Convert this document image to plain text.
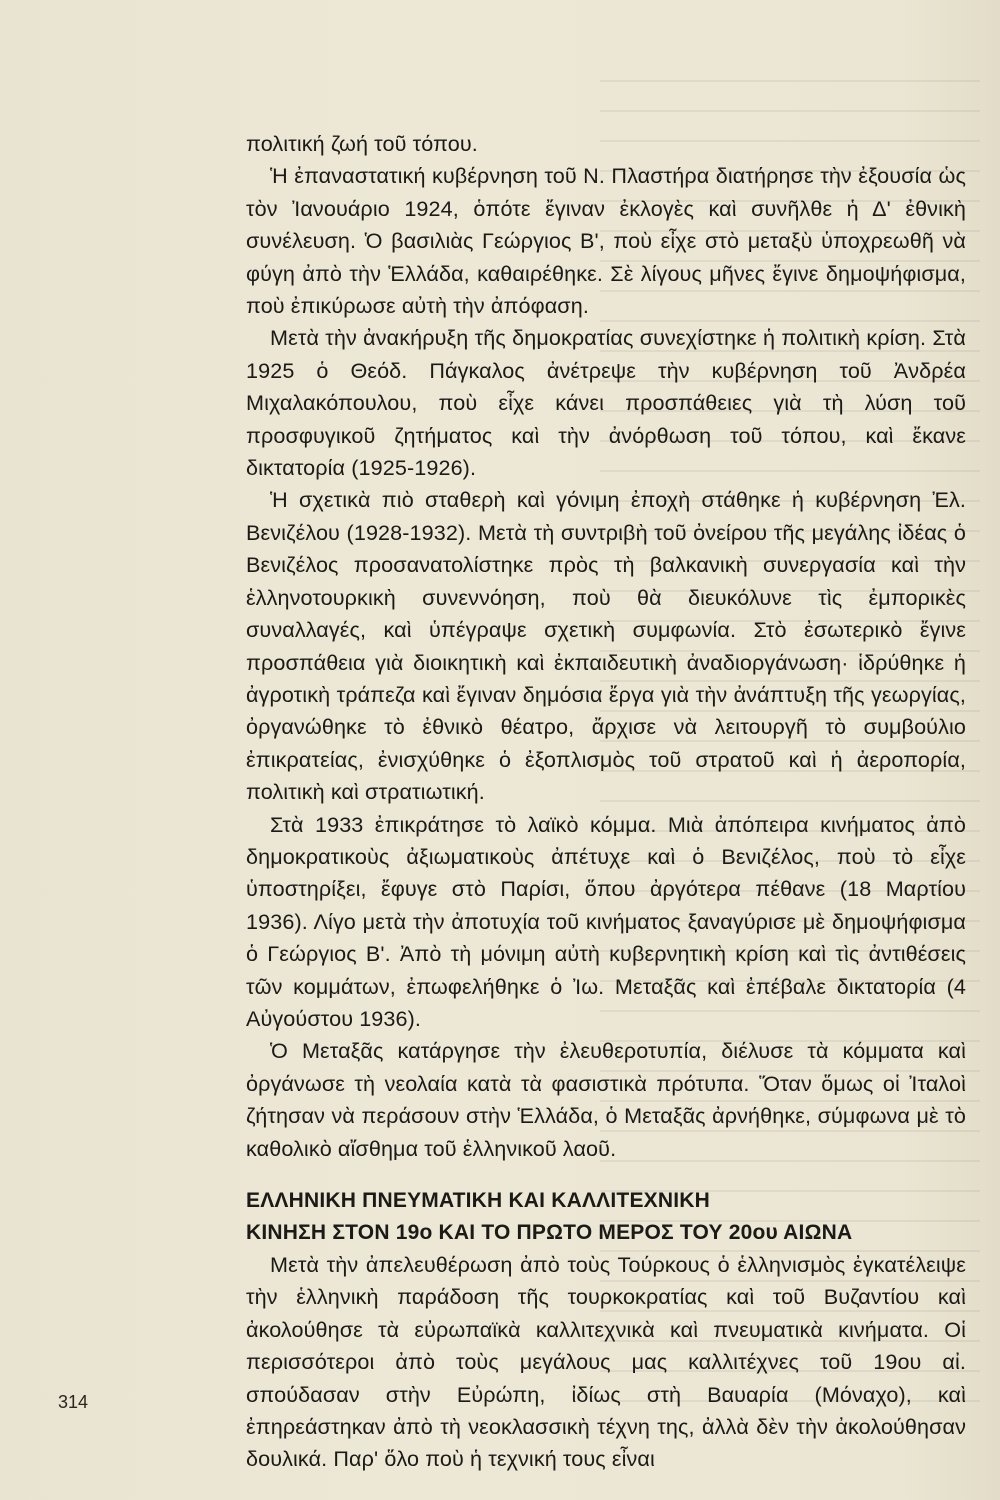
πολιτική ζωή τοῦ τόπου.

Ἡ ἐπαναστατική κυβέρνηση τοῦ Ν. Πλαστήρα διατήρησε τὴν ἐξουσία ὡς τὸν Ἰανουάριο 1924, ὁπότε ἔγιναν ἐκλογὲς καὶ συνῆλθε ἡ Δ' ἐθνικὴ συνέλευση. Ὁ βασιλιὰς Γεώργιος Β', ποὺ εἶχε στὸ μεταξὺ ὑποχρεωθῆ νὰ φύγη ἀπὸ τὴν Ἑλλάδα, καθαιρέθηκε. Σὲ λίγους μῆνες ἔγινε δημοψήφισμα, ποὺ ἐπικύρωσε αὐτὴ τὴν ἀπόφαση.

Μετὰ τὴν ἀνακήρυξη τῆς δημοκρατίας συνεχίστηκε ἡ πολιτικὴ κρίση. Στὰ 1925 ὁ Θεόδ. Πάγκαλος ἀνέτρεψε τὴν κυβέρνηση τοῦ Ἀνδρέα Μιχαλακόπουλου, ποὺ εἶχε κάνει προσπάθειες γιὰ τὴ λύση τοῦ προσφυγικοῦ ζητήματος καὶ τὴν ἀνόρθωση τοῦ τόπου, καὶ ἔκανε δικτατορία (1925-1926).

Ἡ σχετικὰ πιὸ σταθερὴ καὶ γόνιμη ἐποχὴ στάθηκε ἡ κυβέρνηση Ἐλ. Βενιζέλου (1928-1932). Μετὰ τὴ συντριβὴ τοῦ ὀνείρου τῆς μεγάλης ἰδέας ὁ Βενιζέλος προσανατολίστηκε πρὸς τὴ βαλκανικὴ συνεργασία καὶ τὴν ἑλληνοτουρκικὴ συνεννόηση, ποὺ θὰ διευκόλυνε τὶς ἐμπορικὲς συναλλαγές, καὶ ὑπέγραψε σχετικὴ συμφωνία. Στὸ ἐσωτερικὸ ἔγινε προσπάθεια γιὰ διοικητικὴ καὶ ἐκπαιδευτικὴ ἀναδιοργάνωση· ἱδρύθηκε ἡ ἀγροτικὴ τράπεζα καὶ ἔγιναν δημόσια ἔργα γιὰ τὴν ἀνάπτυξη τῆς γεωργίας, ὀργανώθηκε τὸ ἐθνικὸ θέατρο, ἄρχισε νὰ λειτουργῆ τὸ συμβούλιο ἐπικρατείας, ἐνισχύθηκε ὁ ἐξοπλισμὸς τοῦ στρατοῦ καὶ ἡ ἀεροπορία, πολιτικὴ καὶ στρατιωτική.

Στὰ 1933 ἐπικράτησε τὸ λαϊκὸ κόμμα. Μιὰ ἀπόπειρα κινήματος ἀπὸ δημοκρατικοὺς ἀξιωματικοὺς ἀπέτυχε καὶ ὁ Βενιζέλος, ποὺ τὸ εἶχε ὑποστηρίξει, ἔφυγε στὸ Παρίσι, ὅπου ἀργότερα πέθανε (18 Μαρτίου 1936). Λίγο μετὰ τὴν ἀποτυχία τοῦ κινήματος ξαναγύρισε μὲ δημοψήφισμα ὁ Γεώργιος Β'. Ἀπὸ τὴ μόνιμη αὐτὴ κυβερνητικὴ κρίση καὶ τὶς ἀντιθέσεις τῶν κομμάτων, ἐπωφελήθηκε ὁ Ἰω. Μεταξᾶς καὶ ἐπέβαλε δικτατορία (4 Αὐγούστου 1936).

Ὁ Μεταξᾶς κατάργησε τὴν ἐλευθεροτυπία, διέλυσε τὰ κόμματα καὶ ὀργάνωσε τὴ νεολαία κατὰ τὰ φασιστικὰ πρότυπα. Ὅταν ὅμως οἱ Ἰταλοὶ ζήτησαν νὰ περάσουν στὴν Ἑλλάδα, ὁ Μεταξᾶς ἀρνήθηκε, σύμφωνα μὲ τὸ καθολικὸ αἴσθημα τοῦ ἑλληνικοῦ λαοῦ.

ΕΛΛΗΝΙΚΗ ΠΝΕΥΜΑΤΙΚΗ ΚΑΙ ΚΑΛΛΙΤΕΧΝΙΚΗ
ΚΙΝΗΣΗ ΣΤΟΝ 19ο ΚΑΙ ΤΟ ΠΡΩΤΟ ΜΕΡΟΣ ΤΟΥ 20ου ΑΙΩΝΑ

Μετὰ τὴν ἀπελευθέρωση ἀπὸ τοὺς Τούρκους ὁ ἑλληνισμὸς ἐγκατέλειψε τὴν ἑλληνικὴ παράδοση τῆς τουρκοκρατίας καὶ τοῦ Βυζαντίου καὶ ἀκολούθησε τὰ εὐρωπαϊκὰ καλλιτεχνικὰ καὶ πνευματικὰ κινήματα. Οἱ περισσότεροι ἀπὸ τοὺς μεγάλους μας καλλιτέχνες τοῦ 19ου αἰ. σπούδασαν στὴν Εὐρώπη, ἰδίως στὴ Βαυαρία (Μόναχο), καὶ ἐπηρεάστηκαν ἀπὸ τὴ νεοκλασσικὴ τέχνη της, ἀλλὰ δὲν τὴν ἀκολούθησαν δουλικά. Παρ' ὅλο ποὺ ἡ τεχνική τους εἶναι

314
